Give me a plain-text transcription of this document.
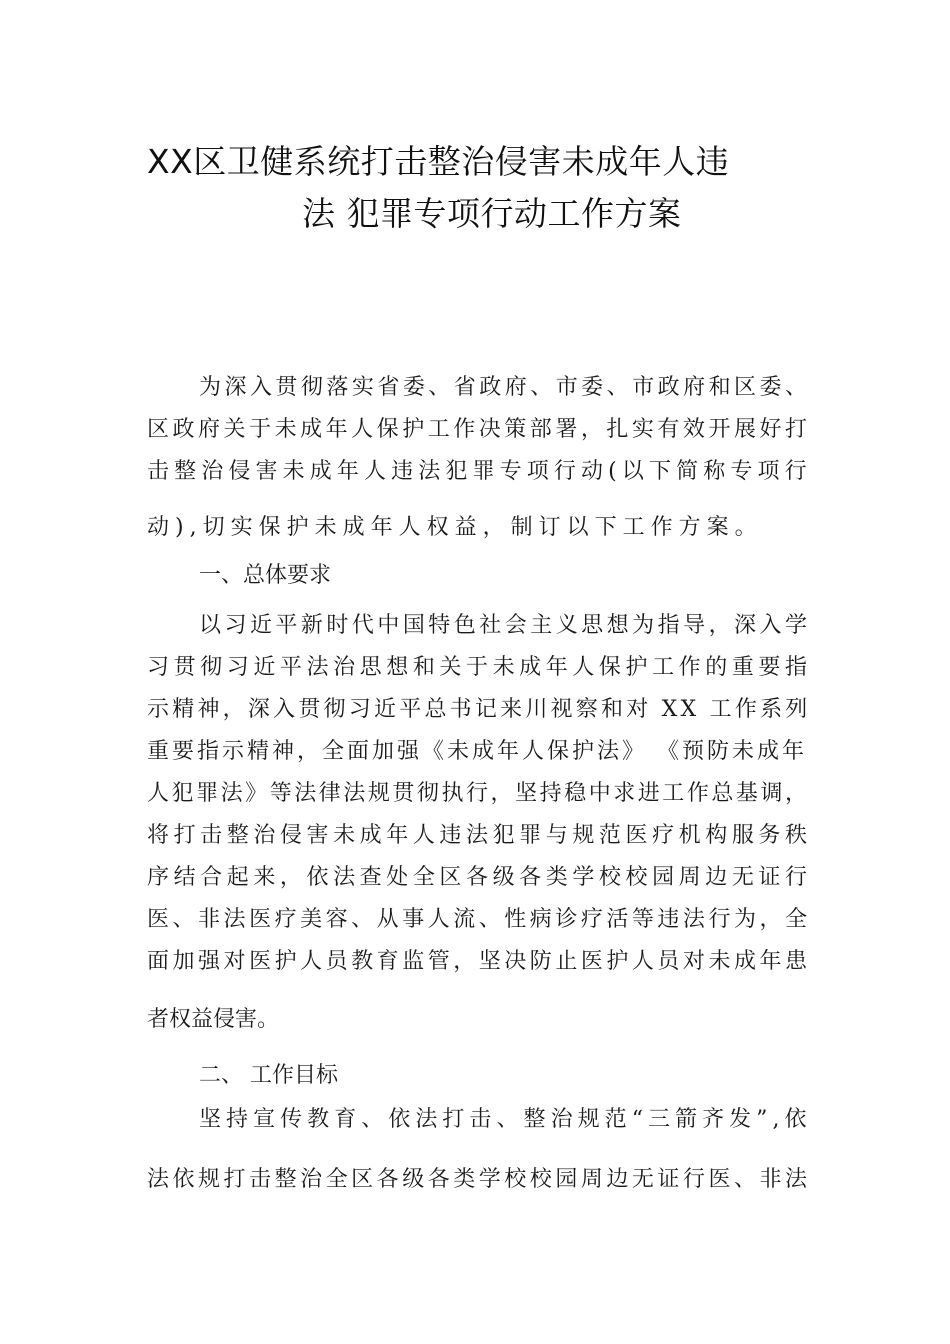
XX区卫健系统打击整治侵害未成年人违
法 犯罪专项行动工作方案
为深入贯彻落实省委、省政府、市委、市政府和区委、
区政府关于未成年人保护工作决策部署，扎实有效开展好打
击整治侵害未成年人违法犯罪专项行动(以下简称专项行
动),切实保护未成年人权益，制订以下工作方案。
一、总体要求
以习近平新时代中国特色社会主义思想为指导，深入学
习贯彻习近平法治思想和关于未成年人保护工作的重要指
示精神，深入贯彻习近平总书记来川视察和对 XX 工作系列
重要指示精神，全面加强《未成年人保护法》 《预防未成年
人犯罪法》等法律法规贯彻执行，坚持稳中求进工作总基调，
将打击整治侵害未成年人违法犯罪与规范医疗机构服务秩
序结合起来，依法查处全区各级各类学校校园周边无证行
医、非法医疗美容、从事人流、性病诊疗活等违法行为，全
面加强对医护人员教育监管，坚决防止医护人员对未成年患
者权益侵害。
二、 工作目标
坚持宣传教育、依法打击、整治规范“三箭齐发”,依
法依规打击整治全区各级各类学校校园周边无证行医、非法
